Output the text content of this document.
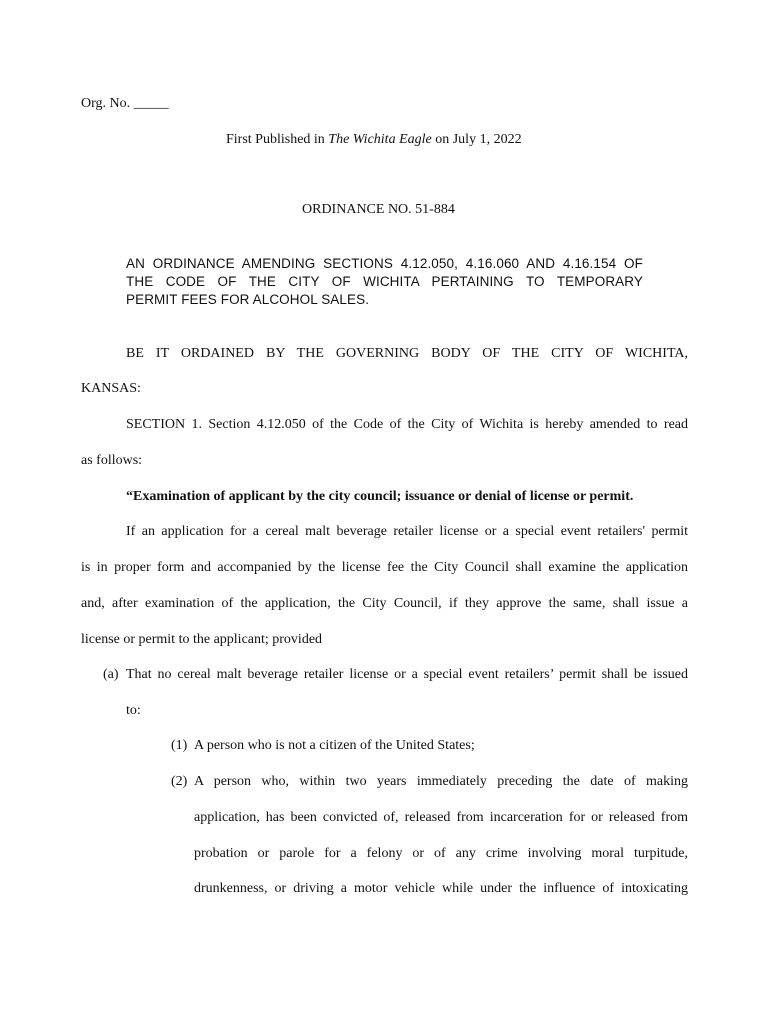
Org. No. _____
First Published in The Wichita Eagle on July 1, 2022
ORDINANCE NO. 51-884
AN ORDINANCE AMENDING SECTIONS 4.12.050, 4.16.060 AND 4.16.154 OF
THE CODE OF THE CITY OF WICHITA PERTAINING TO TEMPORARY
PERMIT FEES FOR ALCOHOL SALES.
BE IT ORDAINED BY THE GOVERNING BODY OF THE CITY OF WICHITA,
KANSAS:
SECTION 1. Section 4.12.050 of the Code of the City of Wichita is hereby amended to read
as follows:
“Examination of applicant by the city council; issuance or denial of license or permit.
If an application for a cereal malt beverage retailer license or a special event retailers' permit
is in proper form and accompanied by the license fee the City Council shall examine the application
and, after examination of the application, the City Council, if they approve the same, shall issue a
license or permit to the applicant; provided
(a) That no cereal malt beverage retailer license or a special event retailers’ permit shall be issued
to:
(1) A person who is not a citizen of the United States;
(2) A person who, within two years immediately preceding the date of making
application, has been convicted of, released from incarceration for or released from
probation or parole for a felony or of any crime involving moral turpitude,
drunkenness, or driving a motor vehicle while under the influence of intoxicating
